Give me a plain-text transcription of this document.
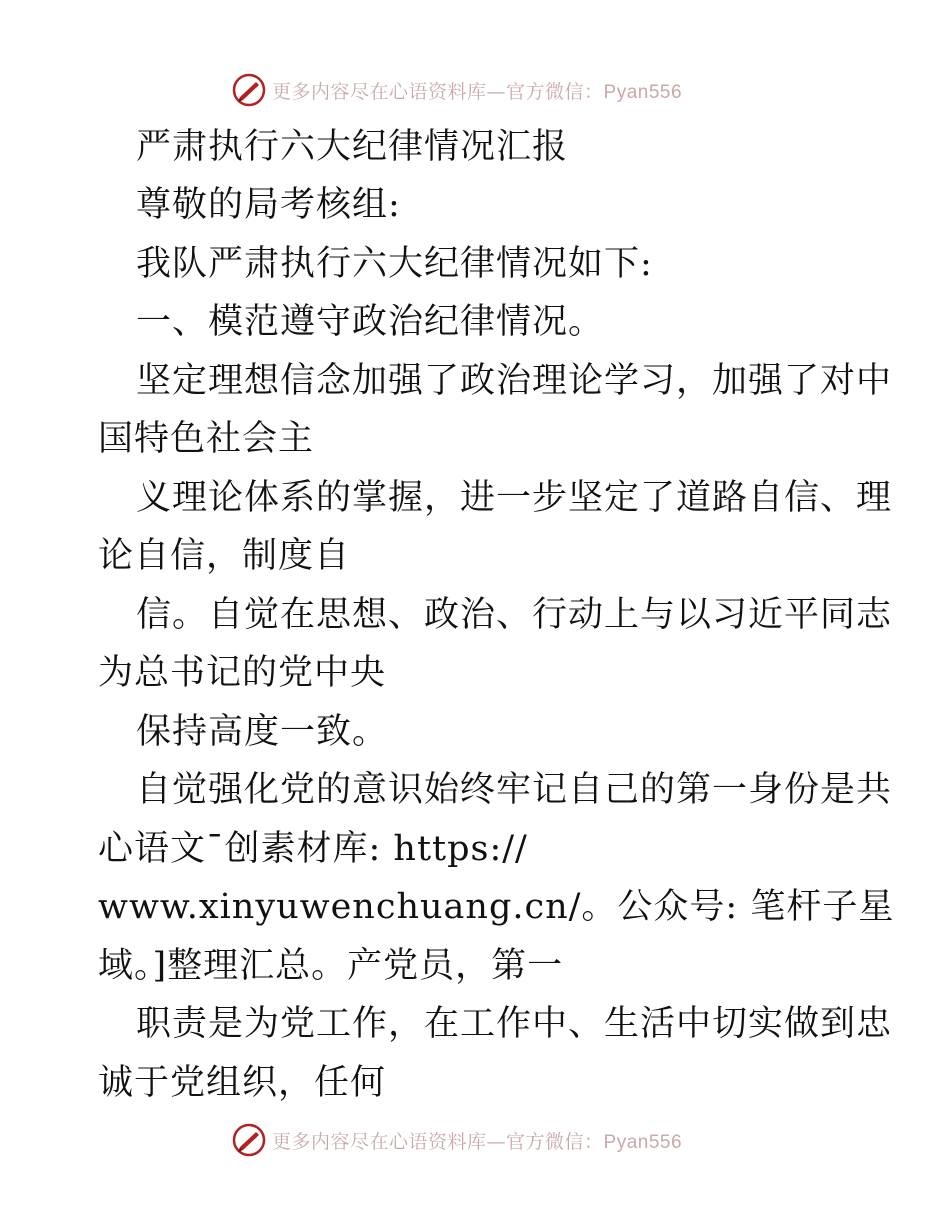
更多内容尽在心语资料库—官方微信：Pyan556
严肃执行六大纪律情况汇报
尊敬的局考核组:
我队严肃执行六大纪律情况如下:
一、模范遵守政治纪律情况。
坚定理想信念加强了政治理论学习，加强了对中
国特色社会主
义理论体系的掌握，进一步坚定了道路自信、理
论自信，制度自
信。自觉在思想、政治、行动上与以习近平同志
为总书记的党中央
保持高度一致。
自觉强化党的意识始终牢记自己的第一身份是共
心语文¯创素材库: https://
www.xinyuwenchuang.cn/。公众号: 笔杆子星
域。]整理汇总。产党员，第一
职责是为党工作，在工作中、生活中切实做到忠
诚于党组织，任何
更多内容尽在心语资料库—官方微信：Pyan556
